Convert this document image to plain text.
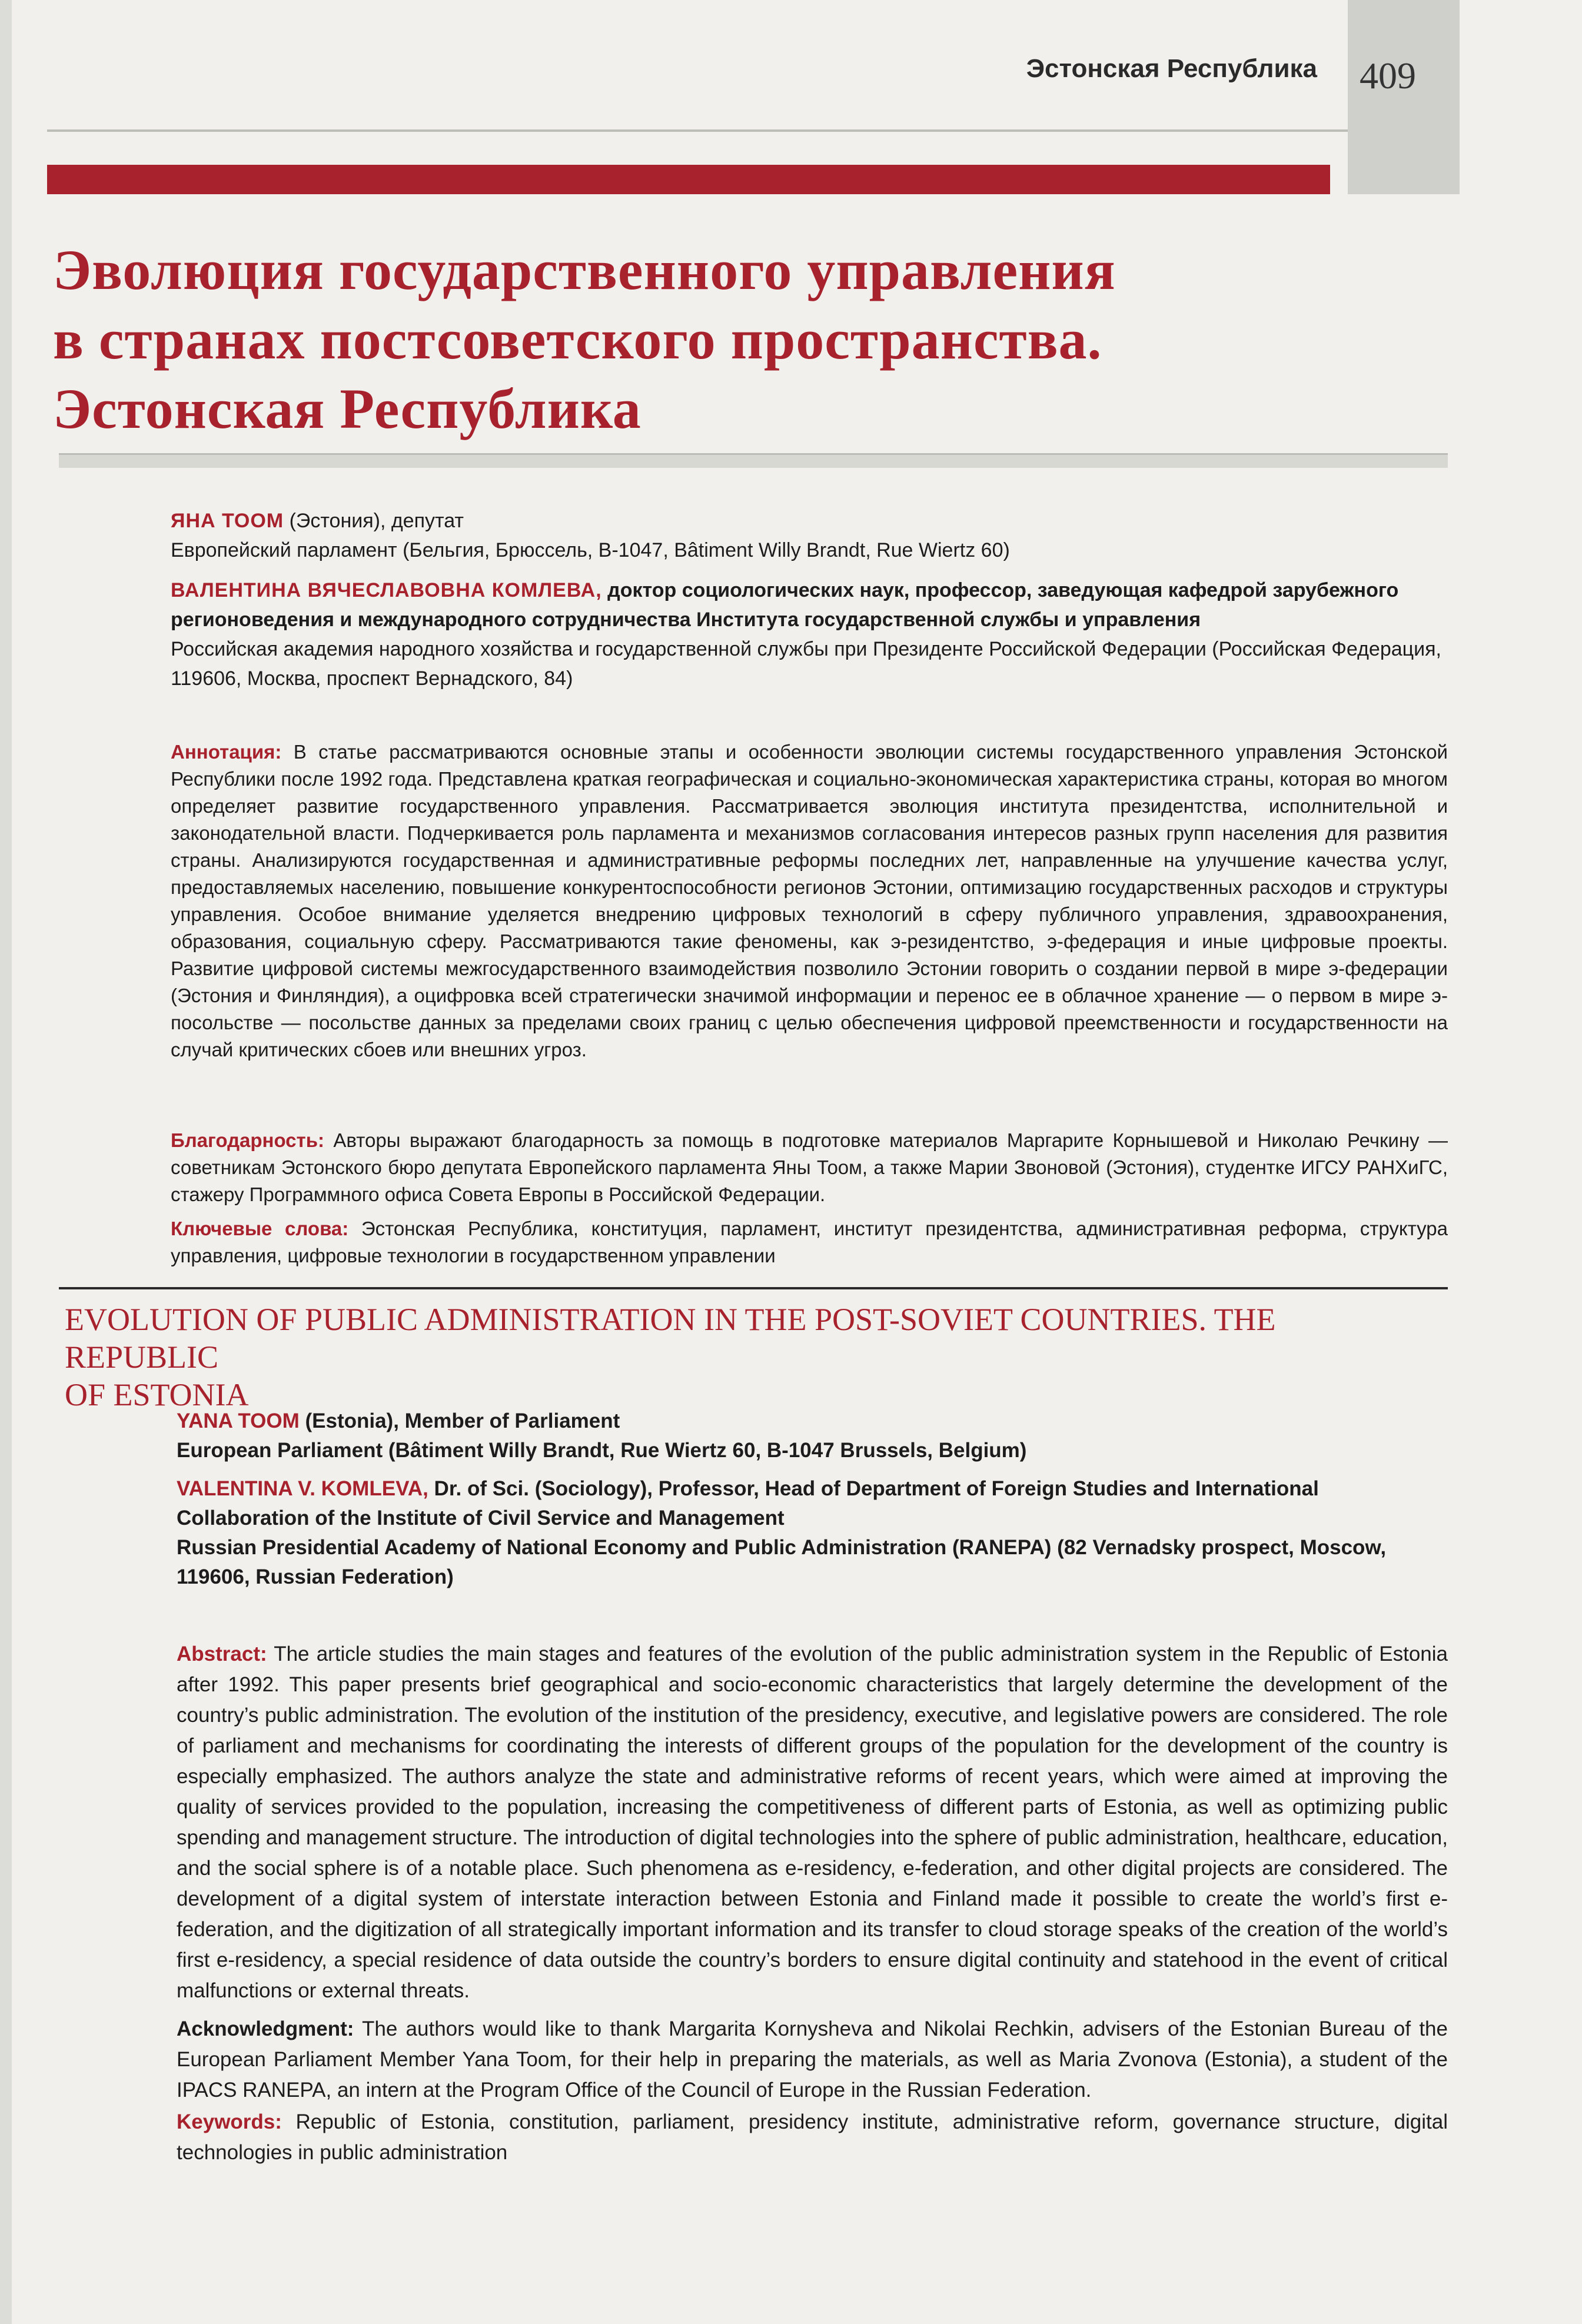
Эстонская Республика 409
Эволюция государственного управления
в странах постсоветского пространства.
Эстонская Республика

ЯНА ТООМ (Эстония), депутат

Европейский парламент (Бельгия, Брюссель, B-1047, Bâtiment Willy Brandt, Rue Wiertz 60)

ВАЛЕНТИНА ВЯЧЕСЛАВОВНА КОМЛЕВА, доктор социологических наук, профессор, заведующая кафедрой зарубежного регионоведения и международного сотрудничества Института государственной службы и управления

Российская академия народного хозяйства и государственной службы при Президенте Российской Федерации (Российская Федерация, 119606, Москва, проспект Вернадского, 84)

Аннотация: В статье рассматриваются основные этапы и особенности эволюции системы государственного управления Эстонской Республики после 1992 года. Представлена краткая географическая и социально-экономическая характеристика страны, которая во многом определяет развитие государственного управления. Рассматривается эволюция института президентства, исполнительной и законодательной власти. Подчеркивается роль парламента и механизмов согласования интересов разных групп населения для развития страны. Анализируются государственная и административные реформы последних лет, направленные на улучшение качества услуг, предоставляемых населению, повышение конкурентоспособности регионов Эстонии, оптимизацию государственных расходов и структуры управления. Особое внимание уделяется внедрению цифровых технологий в сферу публичного управления, здравоохранения, образования, социальную сферу. Рассматриваются такие феномены, как э-резидентство, э-федерация и иные цифровые проекты. Развитие цифровой системы межгосударственного взаимодействия позволило Эстонии говорить о создании первой в мире э-федерации (Эстония и Финляндия), а оцифровка всей стратегически значимой информации и перенос ее в облачное хранение — о первом в мире э-посольстве — посольстве данных за пределами своих границ с целью обеспечения цифровой преемственности и государственности на случай критических сбоев или внешних угроз.

Благодарность: Авторы выражают благодарность за помощь в подготовке материалов Маргарите Корнышевой и Николаю Речкину — советникам Эстонского бюро депутата Европейского парламента Яны Тоом, а также Марии Звоновой (Эстония), студентке ИГСУ РАНХиГС, стажеру Программного офиса Совета Европы в Российской Федерации.

Ключевые слова: Эстонская Республика, конституция, парламент, институт президентства, административная реформа, структура управления, цифровые технологии в государственном управлении

EVOLUTION OF PUBLIC ADMINISTRATION IN THE POST-SOVIET COUNTRIES. THE REPUBLIC
OF ESTONIA

YANA TOOM (Estonia), Member of Parliament

European Parliament (Bâtiment Willy Brandt, Rue Wiertz 60, B-1047 Brussels, Belgium)

VALENTINA V. KOMLEVA, Dr. of Sci. (Sociology), Professor, Head of Department of Foreign Studies and International Collaboration of the Institute of Civil Service and Management

Russian Presidential Academy of National Economy and Public Administration (RANEPA) (82 Vernadsky prospect, Moscow, 119606, Russian Federation)

Abstract: The article studies the main stages and features of the evolution of the public administration system in the Republic of Estonia after 1992. This paper presents brief geographical and socio-economic characteristics that largely determine the development of the country’s public administration. The evolution of the institution of the presidency, executive, and legislative powers are considered. The role of parliament and mechanisms for coordinating the interests of different groups of the population for the development of the country is especially emphasized. The authors analyze the state and administrative reforms of recent years, which were aimed at improving the quality of services provided to the population, increasing the competitiveness of different parts of Estonia, as well as optimizing public spending and management structure. The introduction of digital technologies into the sphere of public administration, healthcare, education, and the social sphere is of a notable place. Such phenomena as e-residency, e-federation, and other digital projects are considered. The development of a digital system of interstate interaction between Estonia and Finland made it possible to create the world’s first e-federation, and the digitization of all strategically important information and its transfer to cloud storage speaks of the creation of the world’s first e-residency, a special residence of data outside the country’s borders to ensure digital continuity and statehood in the event of critical malfunctions or external threats.

Acknowledgment: The authors would like to thank Margarita Kornysheva and Nikolai Rechkin, advisers of the Estonian Bureau of the European Parliament Member Yana Toom, for their help in preparing the materials, as well as Maria Zvonova (Estonia), a student of the IPACS RANEPA, an intern at the Program Office of the Council of Europe in the Russian Federation.

Keywords: Republic of Estonia, constitution, parliament, presidency institute, administrative reform, governance structure, digital technologies in public administration
